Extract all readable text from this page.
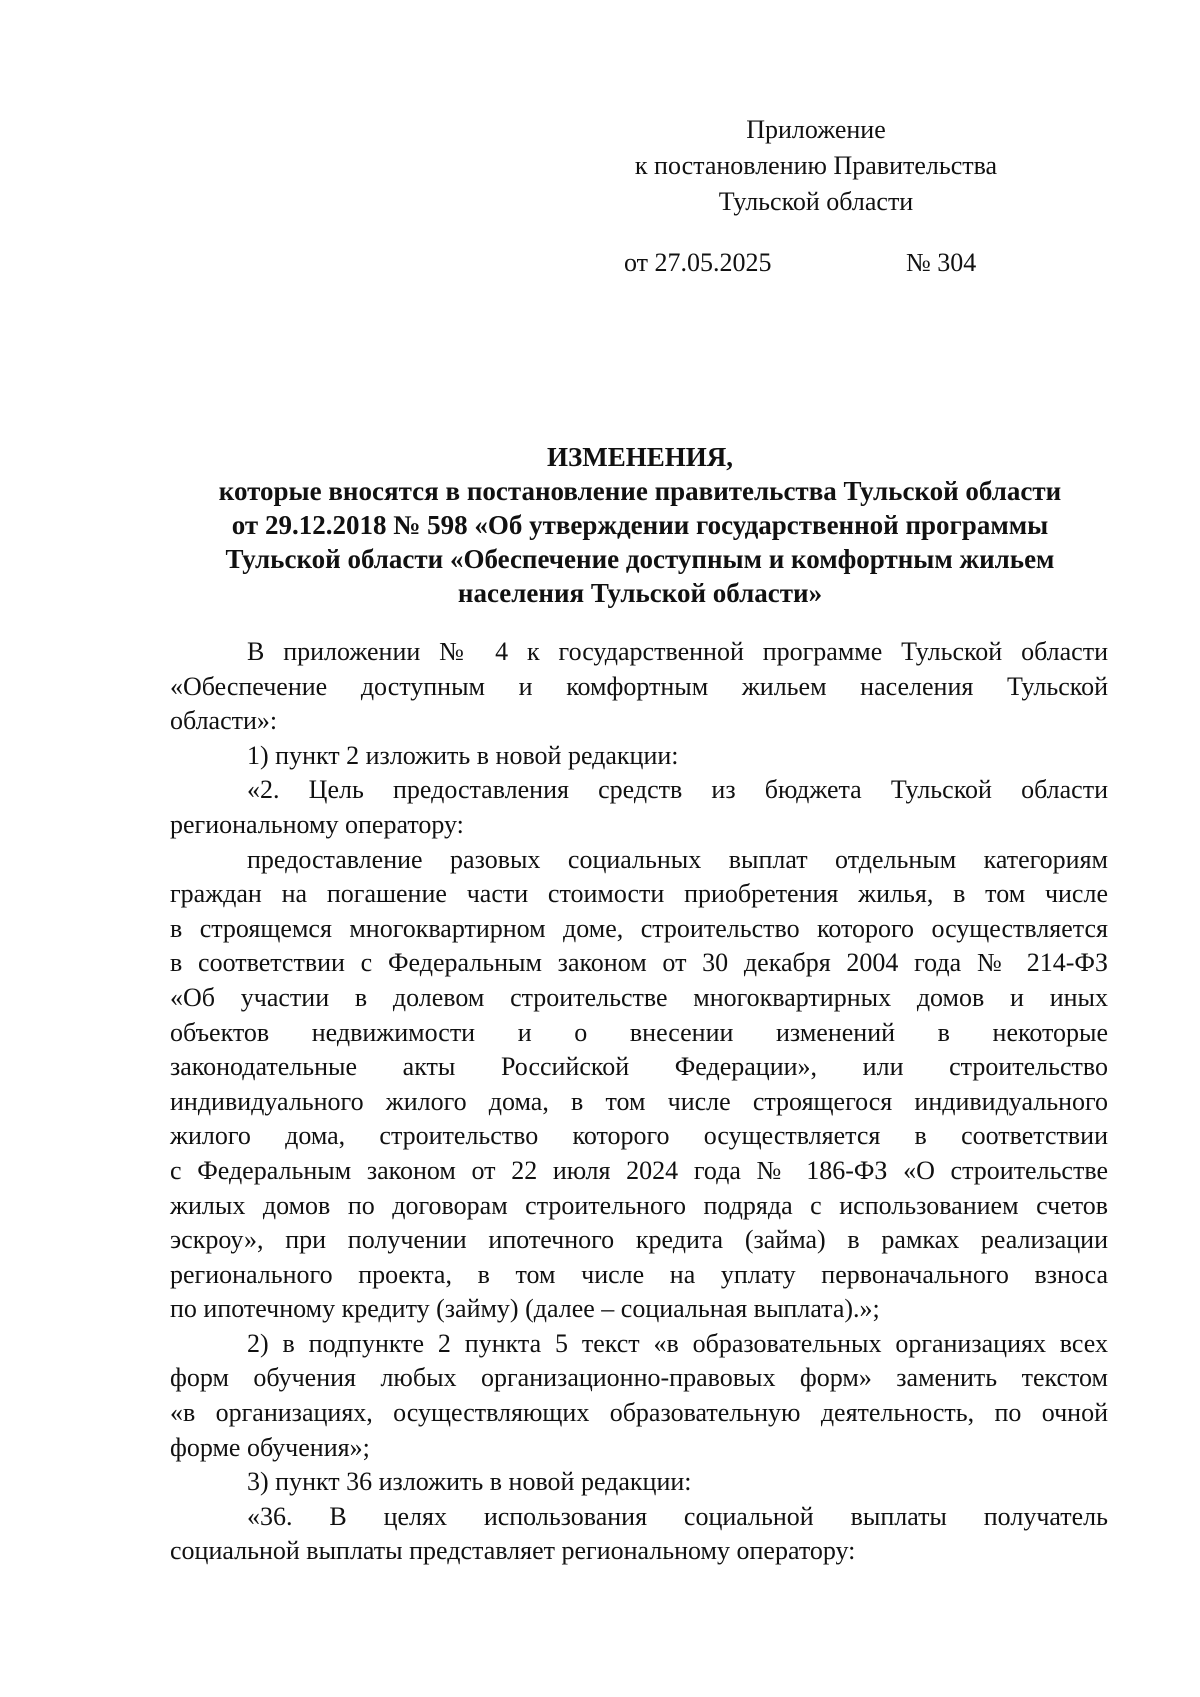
Приложение
к постановлению Правительства
Тульской области
от 27.05.2025	№ 304
ИЗМЕНЕНИЯ,
которые вносятся в постановление правительства Тульской области
от 29.12.2018 № 598 «Об утверждении государственной программы
Тульской области «Обеспечение доступным и комфортным жильем
населения Тульской области»
В приложении № 4 к государственной программе Тульской области
«Обеспечение доступным и комфортным жильем населения Тульской
области»:
1) пункт 2 изложить в новой редакции:
«2. Цель предоставления средств из бюджета Тульской области
региональному оператору:
предоставление разовых социальных выплат отдельным категориям
граждан на погашение части стоимости приобретения жилья, в том числе
в строящемся многоквартирном доме, строительство которого осуществляется
в соответствии с Федеральным законом от 30 декабря 2004 года № 214-ФЗ
«Об участии в долевом строительстве многоквартирных домов и иных
объектов недвижимости и о внесении изменений в некоторые
законодательные акты Российской Федерации», или строительство
индивидуального жилого дома, в том числе строящегося индивидуального
жилого дома, строительство которого осуществляется в соответствии
с Федеральным законом от 22 июля 2024 года № 186-ФЗ «О строительстве
жилых домов по договорам строительного подряда с использованием счетов
эскроу», при получении ипотечного кредита (займа) в рамках реализации
регионального проекта, в том числе на уплату первоначального взноса
по ипотечному кредиту (займу) (далее – социальная выплата).»;
2) в подпункте 2 пункта 5 текст «в образовательных организациях всех
форм обучения любых организационно-правовых форм» заменить текстом
«в организациях, осуществляющих образовательную деятельность, по очной
форме обучения»;
3) пункт 36 изложить в новой редакции:
«36. В целях использования социальной выплаты получатель
социальной выплаты представляет региональному оператору:
